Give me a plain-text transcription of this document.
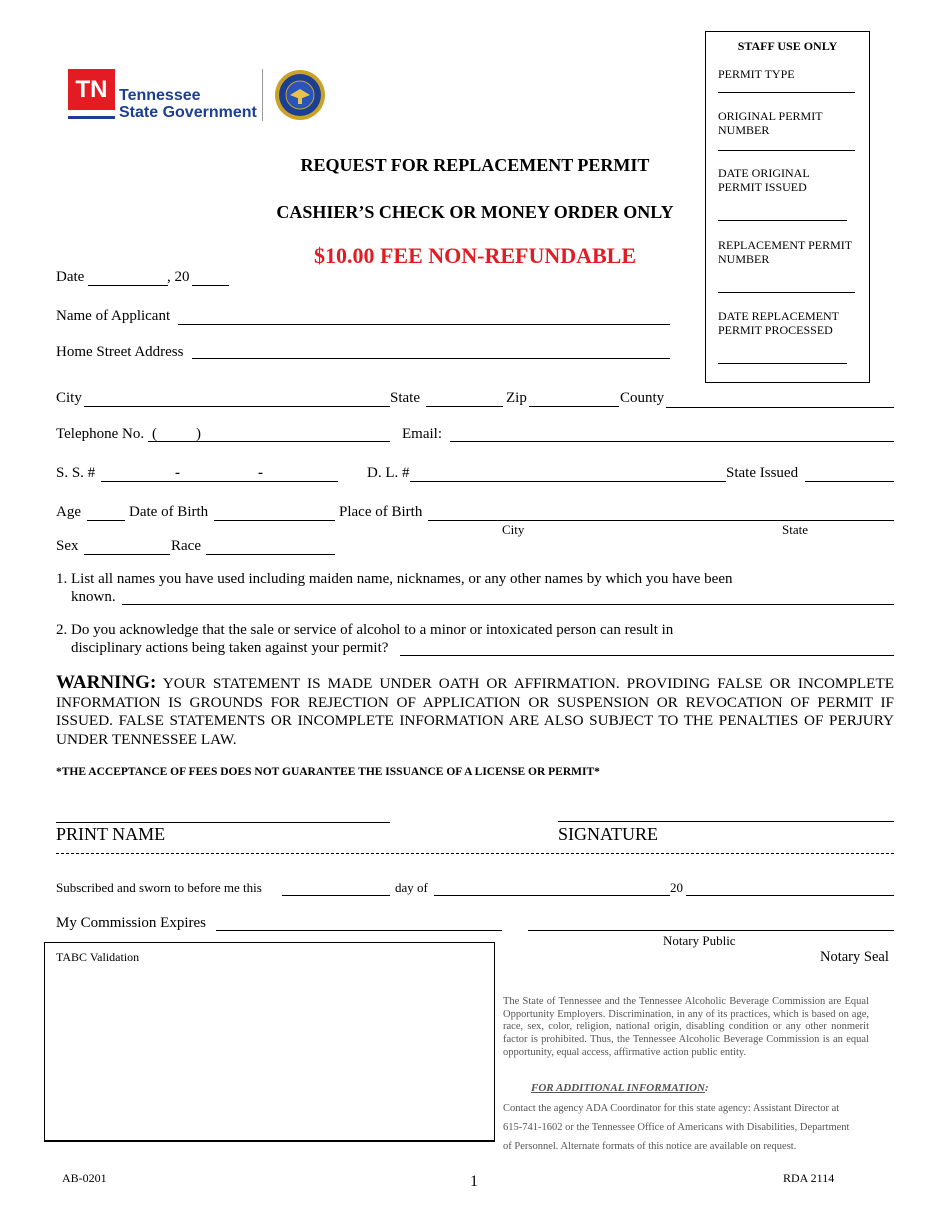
TN Tennessee
State Government
STAFF USE ONLY
PERMIT TYPE
ORIGINAL PERMIT NUMBER
DATE ORIGINAL PERMIT ISSUED
REPLACEMENT PERMIT NUMBER
DATE REPLACEMENT PERMIT PROCESSED
REQUEST FOR REPLACEMENT PERMIT
CASHIER’S CHECK OR MONEY ORDER ONLY
$10.00 FEE NON-REFUNDABLE
Date	, 20
Name of Applicant
Home Street Address
City	State	Zip	County
Telephone No. (	)	Email:
S. S. #	-	-	D. L. #	State Issued
Age	Date of Birth	Place of Birth
City	State
Sex	Race
1. List all names you have used including maiden name, nicknames, or any other names by which you have been
known.
2. Do you acknowledge that the sale or service of alcohol to a minor or intoxicated person can result in
disciplinary actions being taken against your permit?
WARNING: YOUR STATEMENT IS MADE UNDER OATH OR AFFIRMATION. PROVIDING FALSE OR INCOMPLETE INFORMATION IS GROUNDS FOR REJECTION OF APPLICATION OR SUSPENSION OR REVOCATION OF PERMIT IF ISSUED. FALSE STATEMENTS OR INCOMPLETE INFORMATION ARE ALSO SUBJECT TO THE PENALTIES OF PERJURY UNDER TENNESSEE LAW.
*THE ACCEPTANCE OF FEES DOES NOT GUARANTEE THE ISSUANCE OF A LICENSE OR PERMIT*
PRINT NAME	SIGNATURE
Subscribed and sworn to before me this	day of	20
My Commission Expires
Notary Public
Notary Seal
TABC Validation
The State of Tennessee and the Tennessee Alcoholic Beverage Commission are Equal Opportunity Employers. Discrimination, in any of its practices, which is based on age, race, sex, color, religion, national origin, disabling condition or any other nonmerit factor is prohibited. Thus, the Tennessee Alcoholic Beverage Commission is an equal opportunity, equal access, affirmative action public entity.
FOR ADDITIONAL INFORMATION:
Contact the agency ADA Coordinator for this state agency: Assistant Director at
615-741-1602 or the Tennessee Office of Americans with Disabilities, Department
of Personnel. Alternate formats of this notice are available on request.
AB-0201	1	RDA 2114
